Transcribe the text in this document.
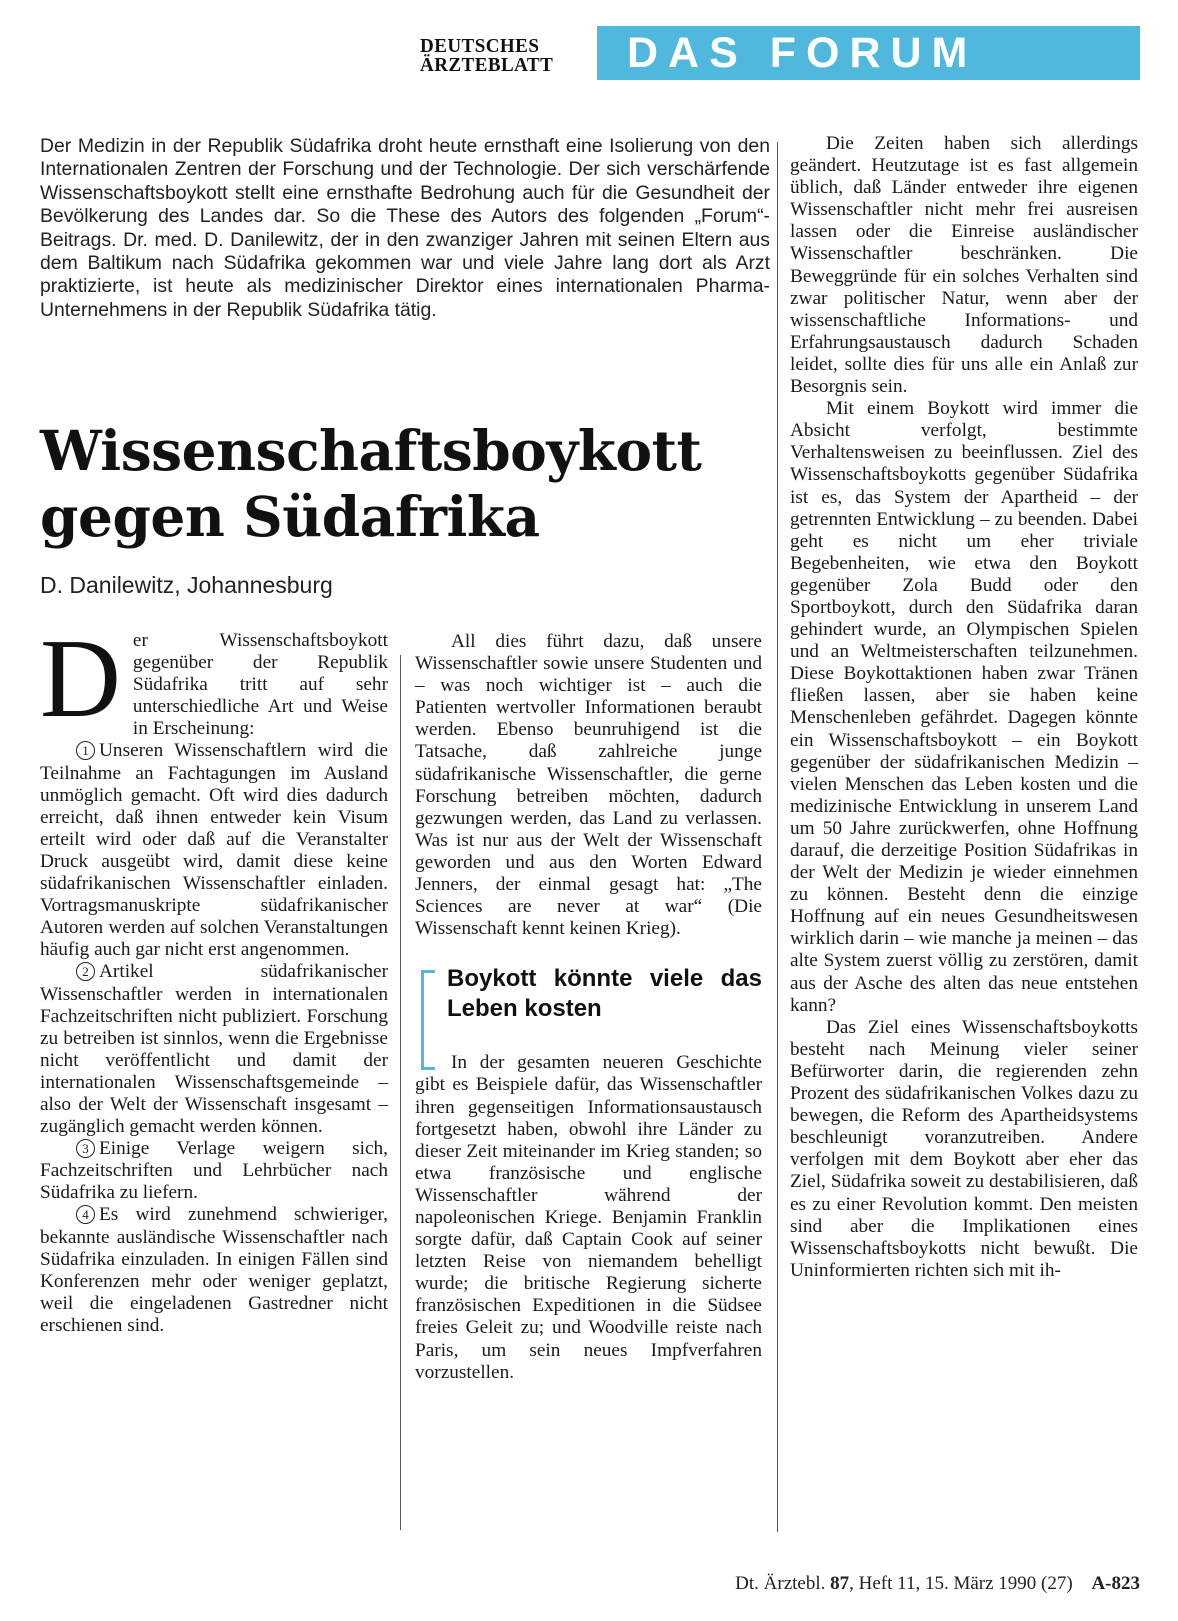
DEUTSCHES
ÄRZTEBLATT	DAS FORUM
Der Medizin in der Republik Südafrika droht heute ernsthaft eine Isolierung von den Internationalen Zentren der Forschung und der Technologie. Der sich verschärfende Wissenschaftsboykott stellt eine ernsthafte Bedrohung auch für die Gesundheit der Bevölkerung des Landes dar. So die These des Autors des folgenden „Forum“-Beitrags. Dr. med. D. Danilewitz, der in den zwanziger Jahren mit seinen Eltern aus dem Baltikum nach Südafrika gekommen war und viele Jahre lang dort als Arzt praktizierte, ist heute als medizinischer Direktor eines internationalen Pharma-Unternehmens in der Republik Südafrika tätig.
Wissenschaftsboykott
gegen Südafrika
D. Danilewitz, Johannesburg

Der Wissenschaftsboykott gegenüber der Republik Südafrika tritt auf sehr unterschiedliche Art und Weise in Erscheinung:

1 Unseren Wissenschaftlern wird die Teilnahme an Fachtagungen im Ausland unmöglich gemacht. Oft wird dies dadurch erreicht, daß ihnen entweder kein Visum erteilt wird oder daß auf die Veranstalter Druck ausgeübt wird, damit diese keine südafrikanischen Wissenschaftler einladen. Vortragsmanuskripte südafrikanischer Autoren werden auf solchen Veranstaltungen häufig auch gar nicht erst angenommen.

2 Artikel südafrikanischer Wissenschaftler werden in internationalen Fachzeitschriften nicht publiziert. Forschung zu betreiben ist sinnlos, wenn die Ergebnisse nicht veröffentlicht und damit der internationalen Wissenschaftsgemeinde – also der Welt der Wissenschaft insgesamt – zugänglich gemacht werden können.

3 Einige Verlage weigern sich, Fachzeitschriften und Lehrbücher nach Südafrika zu liefern.

4 Es wird zunehmend schwieriger, bekannte ausländische Wissenschaftler nach Südafrika einzuladen. In einigen Fällen sind Konferenzen mehr oder weniger geplatzt, weil die eingeladenen Gastredner nicht erschienen sind.

All dies führt dazu, daß unsere Wissenschaftler sowie unsere Studenten und – was noch wichtiger ist – auch die Patienten wertvoller Informationen beraubt werden. Ebenso beunruhigend ist die Tatsache, daß zahlreiche junge südafrikanische Wissenschaftler, die gerne Forschung betreiben möchten, dadurch gezwungen werden, das Land zu verlassen. Was ist nur aus der Welt der Wissenschaft geworden und aus den Worten Edward Jenners, der einmal gesagt hat: „The Sciences are never at war“ (Die Wissenschaft kennt keinen Krieg).

Boykott könnte viele das Leben kosten

In der gesamten neueren Geschichte gibt es Beispiele dafür, das Wissenschaftler ihren gegenseitigen Informationsaustausch fortgesetzt haben, obwohl ihre Länder zu dieser Zeit miteinander im Krieg standen; so etwa französische und englische Wissenschaftler während der napoleonischen Kriege. Benjamin Franklin sorgte dafür, daß Captain Cook auf seiner letzten Reise von niemandem behelligt wurde; die britische Regierung sicherte französischen Expeditionen in die Südsee freies Geleit zu; und Woodville reiste nach Paris, um sein neues Impfverfahren vorzustellen.

Die Zeiten haben sich allerdings geändert. Heutzutage ist es fast allgemein üblich, daß Länder entweder ihre eigenen Wissenschaftler nicht mehr frei ausreisen lassen oder die Einreise ausländischer Wissenschaftler beschränken. Die Beweggründe für ein solches Verhalten sind zwar politischer Natur, wenn aber der wissenschaftliche Informations- und Erfahrungsaustausch dadurch Schaden leidet, sollte dies für uns alle ein Anlaß zur Besorgnis sein.

Mit einem Boykott wird immer die Absicht verfolgt, bestimmte Verhaltensweisen zu beeinflussen. Ziel des Wissenschaftsboykotts gegenüber Südafrika ist es, das System der Apartheid – der getrennten Entwicklung – zu beenden. Dabei geht es nicht um eher triviale Begebenheiten, wie etwa den Boykott gegenüber Zola Budd oder den Sportboykott, durch den Südafrika daran gehindert wurde, an Olympischen Spielen und an Weltmeisterschaften teilzunehmen. Diese Boykottaktionen haben zwar Tränen fließen lassen, aber sie haben keine Menschenleben gefährdet. Dagegen könnte ein Wissenschaftsboykott – ein Boykott gegenüber der südafrikanischen Medizin – vielen Menschen das Leben kosten und die medizinische Entwicklung in unserem Land um 50 Jahre zurückwerfen, ohne Hoffnung darauf, die derzeitige Position Südafrikas in der Welt der Medizin je wieder einnehmen zu können. Besteht denn die einzige Hoffnung auf ein neues Gesundheitswesen wirklich darin – wie manche ja meinen – das alte System zuerst völlig zu zerstören, damit aus der Asche des alten das neue entstehen kann?

Das Ziel eines Wissenschaftsboykotts besteht nach Meinung vieler seiner Befürworter darin, die regierenden zehn Prozent des südafrikanischen Volkes dazu zu bewegen, die Reform des Apartheidsystems beschleunigt voranzutreiben. Andere verfolgen mit dem Boykott aber eher das Ziel, Südafrika soweit zu destabilisieren, daß es zu einer Revolution kommt. Den meisten sind aber die Implikationen eines Wissenschaftsboykotts nicht bewußt. Die Uninformierten richten sich mit ih-

Dt. Ärztebl. 87, Heft 11, 15. März 1990 (27) A-823
